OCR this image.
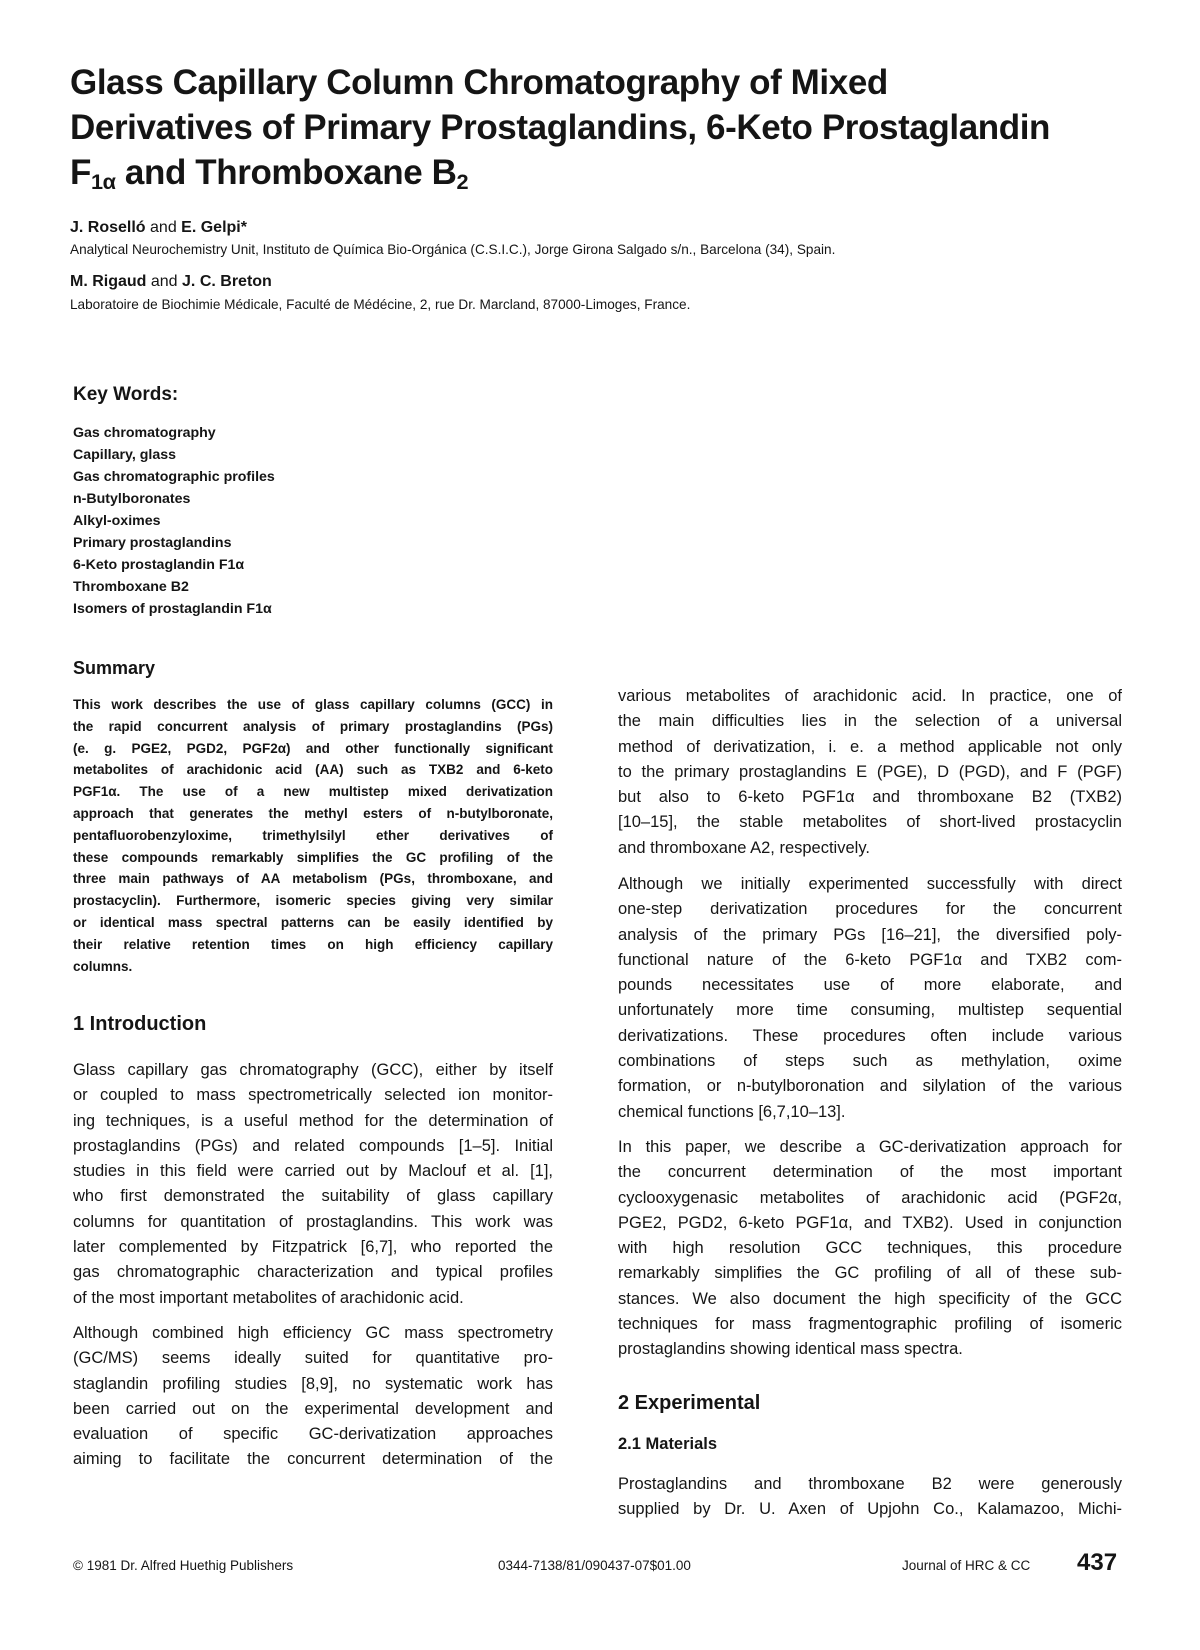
Glass Capillary Column Chromatography of Mixed
Derivatives of Primary Prostaglandins, 6-Keto Prostaglandin
$F_{1\alpha}$ and Thromboxane $B_2$

J. Roselló and E. Gelpi*

Analytical Neurochemistry Unit, Instituto de Química Bio-Orgánica (C.S.I.C.), Jorge Girona Salgado s/n., Barcelona (34), Spain.

M. Rigaud and J. C. Breton

Laboratoire de Biochimie Médicale, Faculté de Médécine, 2, rue Dr. Marcland, 87000-Limoges, France.

Key Words:
Gas chromatography
Capillary, glass
Gas chromatographic profiles
n-Butylboronates
Alkyl-oximes
Primary prostaglandins
6-Keto prostaglandin F1α
Thromboxane B2
Isomers of prostaglandin F1α
Summary
This work describes the use of glass capillary columns (GCC) in
the rapid concurrent analysis of primary prostaglandins (PGs)
(e. g. PGE2, PGD2, PGF2α) and other functionally significant
metabolites of arachidonic acid (AA) such as TXB2 and 6-keto
PGF1α. The use of a new multistep mixed derivatization
approach that generates the methyl esters of n-butylboronate,
pentafluorobenzyloxime, trimethylsilyl ether derivatives of
these compounds remarkably simplifies the GC profiling of the
three main pathways of AA metabolism (PGs, thromboxane, and
prostacyclin). Furthermore, isomeric species giving very similar
or identical mass spectral patterns can be easily identified by
their relative retention times on high efficiency capillary
columns.
1 Introduction
Glass capillary gas chromatography (GCC), either by itself
or coupled to mass spectrometrically selected ion monitor-
ing techniques, is a useful method for the determination of
prostaglandins (PGs) and related compounds [1–5]. Initial
studies in this field were carried out by Maclouf et al. [1],
who first demonstrated the suitability of glass capillary
columns for quantitation of prostaglandins. This work was
later complemented by Fitzpatrick [6,7], who reported the
gas chromatographic characterization and typical profiles
of the most important metabolites of arachidonic acid.
Although combined high efficiency GC mass spectrometry
(GC/MS) seems ideally suited for quantitative pro-
staglandin profiling studies [8,9], no systematic work has
been carried out on the experimental development and
evaluation of specific GC-derivatization approaches
aiming to facilitate the concurrent determination of the
various metabolites of arachidonic acid. In practice, one of
the main difficulties lies in the selection of a universal
method of derivatization, i. e. a method applicable not only
to the primary prostaglandins E (PGE), D (PGD), and F (PGF)
but also to 6-keto PGF1α and thromboxane B2 (TXB2)
[10–15], the stable metabolites of short-lived prostacyclin
and thromboxane A2, respectively.
Although we initially experimented successfully with direct
one-step derivatization procedures for the concurrent
analysis of the primary PGs [16–21], the diversified poly-
functional nature of the 6-keto PGF1α and TXB2 com-
pounds necessitates use of more elaborate, and
unfortunately more time consuming, multistep sequential
derivatizations. These procedures often include various
combinations of steps such as methylation, oxime
formation, or n-butylboronation and silylation of the various
chemical functions [6,7,10–13].
In this paper, we describe a GC-derivatization approach for
the concurrent determination of the most important
cyclooxygenasic metabolites of arachidonic acid (PGF2α,
PGE2, PGD2, 6-keto PGF1α, and TXB2). Used in conjunction
with high resolution GCC techniques, this procedure
remarkably simplifies the GC profiling of all of these sub-
stances. We also document the high specificity of the GCC
techniques for mass fragmentographic profiling of isomeric
prostaglandins showing identical mass spectra.
2 Experimental
2.1 Materials
Prostaglandins and thromboxane B2 were generously
supplied by Dr. U. Axen of Upjohn Co., Kalamazoo, Michi-

© 1981 Dr. Alfred Huethig Publishers	0344-7138/81/090437-07$01.00	Journal of HRC & CC 437
